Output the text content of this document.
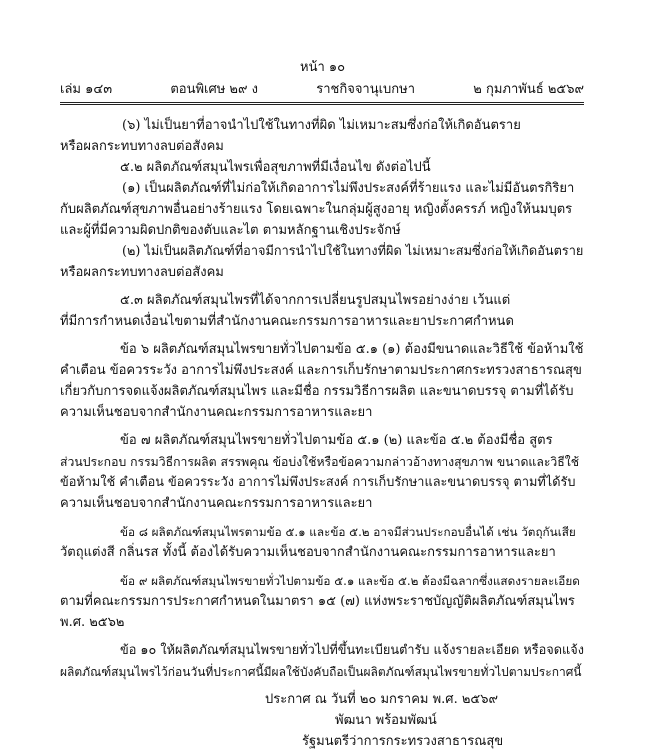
หน้า ๑๐
เล่ม ๑๔๓	ตอนพิเศษ ๒๙ ง	ราชกิจจานุเบกษา	๒ กุมภาพันธ์ ๒๕๖๙
(๖) ไม่เป็นยาที่อาจนำไปใช้ในทางที่ผิด ไม่เหมาะสมซึ่งก่อให้เกิดอันตราย
หรือผลกระทบทางลบต่อสังคม
๕.๒ ผลิตภัณฑ์สมุนไพรเพื่อสุขภาพที่มีเงื่อนไข ดังต่อไปนี้
(๑) เป็นผลิตภัณฑ์ที่ไม่ก่อให้เกิดอาการไม่พึงประสงค์ที่ร้ายแรง และไม่มีอันตรกิริยา
กับผลิตภัณฑ์สุขภาพอื่นอย่างร้ายแรง โดยเฉพาะในกลุ่มผู้สูงอายุ หญิงตั้งครรภ์ หญิงให้นมบุตร
และผู้ที่มีความผิดปกติของตับและไต ตามหลักฐานเชิงประจักษ์
(๒) ไม่เป็นผลิตภัณฑ์ที่อาจมีการนำไปใช้ในทางที่ผิด ไม่เหมาะสมซึ่งก่อให้เกิดอันตราย
หรือผลกระทบทางลบต่อสังคม
๕.๓ ผลิตภัณฑ์สมุนไพรที่ได้จากการเปลี่ยนรูปสมุนไพรอย่างง่าย เว้นแต่
ที่มีการกำหนดเงื่อนไขตามที่สำนักงานคณะกรรมการอาหารและยาประกาศกำหนด
ข้อ ๖ ผลิตภัณฑ์สมุนไพรขายทั่วไปตามข้อ ๕.๑ (๑) ต้องมีขนาดและวิธีใช้ ข้อห้ามใช้
คำเตือน ข้อควรระวัง อาการไม่พึงประสงค์ และการเก็บรักษาตามประกาศกระทรวงสาธารณสุข
เกี่ยวกับการจดแจ้งผลิตภัณฑ์สมุนไพร และมีชื่อ กรรมวิธีการผลิต และขนาดบรรจุ ตามที่ได้รับ
ความเห็นชอบจากสำนักงานคณะกรรมการอาหารและยา
ข้อ ๗ ผลิตภัณฑ์สมุนไพรขายทั่วไปตามข้อ ๕.๑ (๒) และข้อ ๕.๒ ต้องมีชื่อ สูตร
ส่วนประกอบ กรรมวิธีการผลิต สรรพคุณ ข้อบ่งใช้หรือข้อความกล่าวอ้างทางสุขภาพ ขนาดและวิธีใช้
ข้อห้ามใช้ คำเตือน ข้อควรระวัง อาการไม่พึงประสงค์ การเก็บรักษาและขนาดบรรจุ ตามที่ได้รับ
ความเห็นชอบจากสำนักงานคณะกรรมการอาหารและยา
ข้อ ๘ ผลิตภัณฑ์สมุนไพรตามข้อ ๕.๑ และข้อ ๕.๒ อาจมีส่วนประกอบอื่นได้ เช่น วัตถุกันเสีย
วัตถุแต่งสี กลิ่นรส ทั้งนี้ ต้องได้รับความเห็นชอบจากสำนักงานคณะกรรมการอาหารและยา
ข้อ ๙ ผลิตภัณฑ์สมุนไพรขายทั่วไปตามข้อ ๕.๑ และข้อ ๕.๒ ต้องมีฉลากซึ่งแสดงรายละเอียด
ตามที่คณะกรรมการประกาศกำหนดในมาตรา ๑๕ (๗) แห่งพระราชบัญญัติผลิตภัณฑ์สมุนไพร
พ.ศ. ๒๕๖๒
ข้อ ๑๐ ให้ผลิตภัณฑ์สมุนไพรขายทั่วไปที่ขึ้นทะเบียนตำรับ แจ้งรายละเอียด หรือจดแจ้ง
ผลิตภัณฑ์สมุนไพรไว้ก่อนวันที่ประกาศนี้มีผลใช้บังคับถือเป็นผลิตภัณฑ์สมุนไพรขายทั่วไปตามประกาศนี้
ประกาศ ณ วันที่ ๒๐ มกราคม พ.ศ. ๒๕๖๙
พัฒนา พร้อมพัฒน์
รัฐมนตรีว่าการกระทรวงสาธารณสุข
